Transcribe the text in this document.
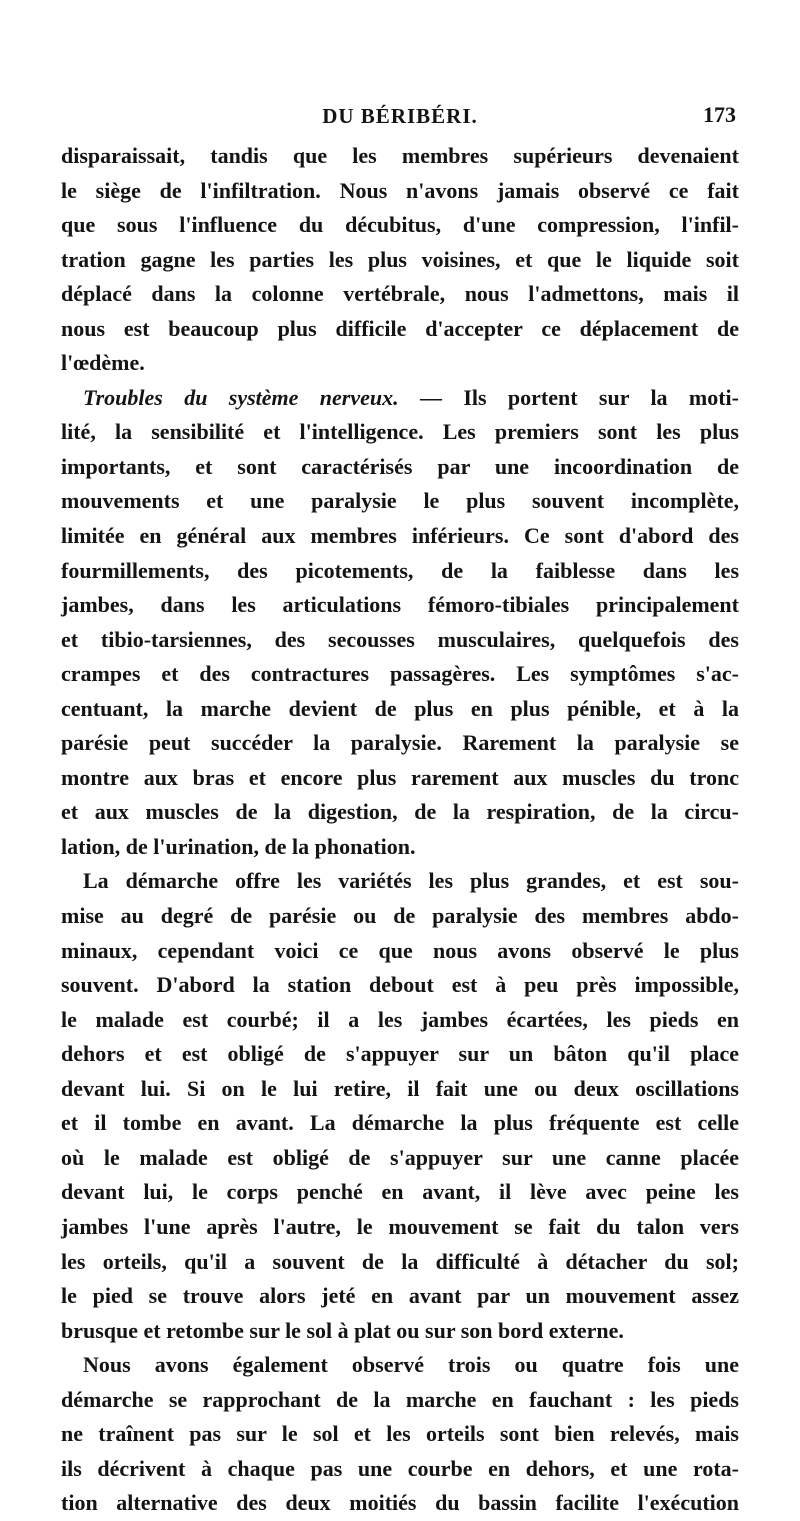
DU BÉRIBÉRI.	173
disparaissait, tandis que les membres supérieurs devenaient
le siège de l'infiltration. Nous n'avons jamais observé ce fait
que sous l'influence du décubitus, d'une compression, l'infil-
tration gagne les parties les plus voisines, et que le liquide soit
déplacé dans la colonne vertébrale, nous l'admettons, mais il
nous est beaucoup plus difficile d'accepter ce déplacement de
l'œdème.
Troubles du système nerveux. — Ils portent sur la moti-
lité, la sensibilité et l'intelligence. Les premiers sont les plus
importants, et sont caractérisés par une incoordination de
mouvements et une paralysie le plus souvent incomplète,
limitée en général aux membres inférieurs. Ce sont d'abord des
fourmillements, des picotements, de la faiblesse dans les
jambes, dans les articulations fémoro-tibiales principalement
et tibio-tarsiennes, des secousses musculaires, quelquefois des
crampes et des contractures passagères. Les symptômes s'ac-
centuant, la marche devient de plus en plus pénible, et à la
parésie peut succéder la paralysie. Rarement la paralysie se
montre aux bras et encore plus rarement aux muscles du tronc
et aux muscles de la digestion, de la respiration, de la circu-
lation, de l'urination, de la phonation.
La démarche offre les variétés les plus grandes, et est sou-
mise au degré de parésie ou de paralysie des membres abdo-
minaux, cependant voici ce que nous avons observé le plus
souvent. D'abord la station debout est à peu près impossible,
le malade est courbé; il a les jambes écartées, les pieds en
dehors et est obligé de s'appuyer sur un bâton qu'il place
devant lui. Si on le lui retire, il fait une ou deux oscillations
et il tombe en avant. La démarche la plus fréquente est celle
où le malade est obligé de s'appuyer sur une canne placée
devant lui, le corps penché en avant, il lève avec peine les
jambes l'une après l'autre, le mouvement se fait du talon vers
les orteils, qu'il a souvent de la difficulté à détacher du sol;
le pied se trouve alors jeté en avant par un mouvement assez
brusque et retombe sur le sol à plat ou sur son bord externe.
Nous avons également observé trois ou quatre fois une
démarche se rapprochant de la marche en fauchant : les pieds
ne traînent pas sur le sol et les orteils sont bien relevés, mais
ils décrivent à chaque pas une courbe en dehors, et une rota-
tion alternative des deux moitiés du bassin facilite l'exécution
